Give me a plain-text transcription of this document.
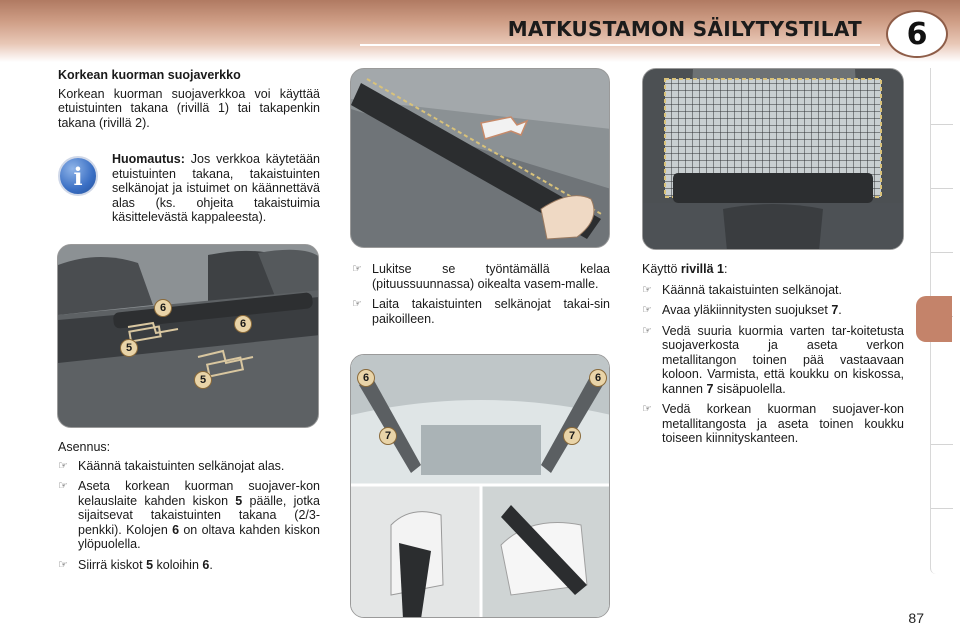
MATKUSTAMON SÄILYTYSTILAT	6
Korkean kuorman suojaverkko

Korkean kuorman suojaverkkoa voi käyttää etuistuinten takana (rivillä 1) tai takapenkin takana (rivillä 2).

i
Huomautus: Jos verkkoa käytetään etuistuinten takana, takaistuinten selkänojat ja istuimet on käännettävä alas (ks. ohjeita takaistuimia käsittelevästä kappaleesta).
6
6
5
5

Asennus:

☞ Käännä takaistuinten selkänojat alas.
☞ Aseta korkean kuorman suojaver-kon kelauslaite kahden kiskon 5 päälle, jotka sijaitsevat takaistuinten takana (2/3-penkki). Kolojen 6 on oltava kahden kiskon ylöpuolella.
☞ Siirrä kiskot 5 koloihin 6.
☞ Lukitse se työntämällä kelaa (pituussuunnassa) oikealta vasem-malle.
☞ Laita takaistuinten selkänojat takai-sin paikoilleen.
6	6
7	7

Käyttö rivillä 1:

☞ Käännä takaistuinten selkänojat.
☞ Avaa yläkiinnitysten suojukset 7.
☞ Vedä suuria kuormia varten tar-koitetusta suojaverkosta ja aseta verkon metallitangon toinen pää vastaavaan koloon. Varmista, että koukku on kiskossa, kannen 7 sisäpuolella.
☞ Vedä korkean kuorman suojaver-kon metallitangosta ja aseta toinen koukku toiseen kiinnityskanteen.
87
